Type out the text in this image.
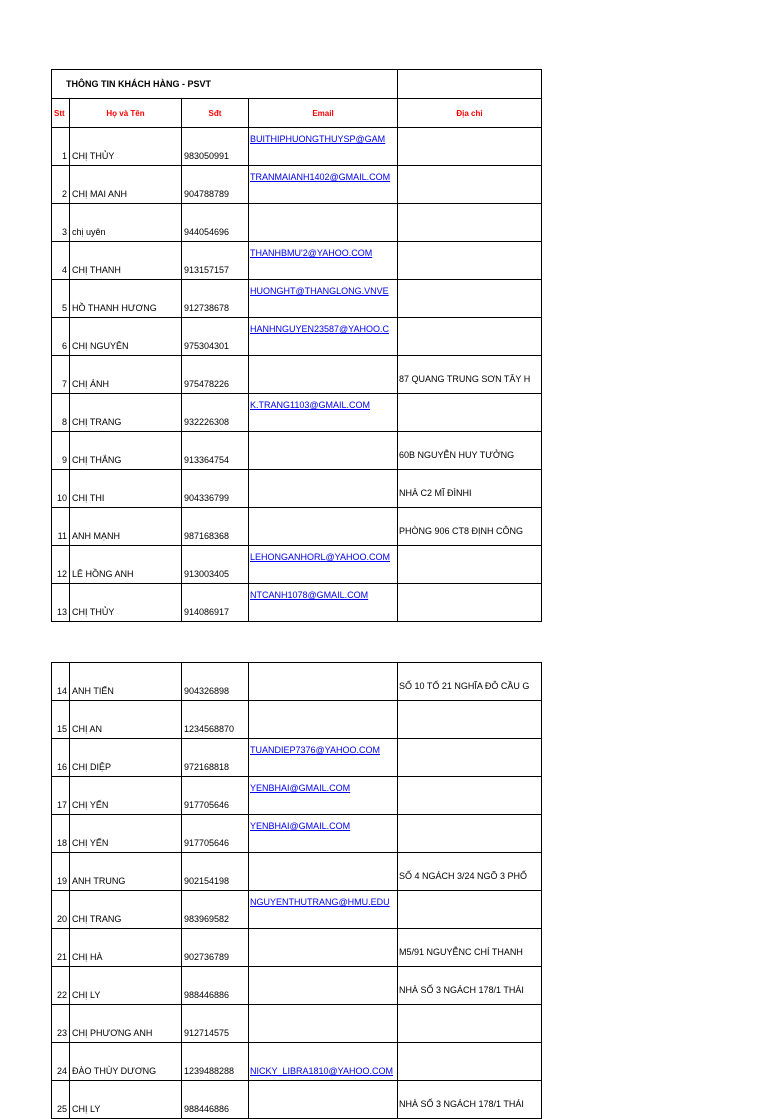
THÔNG TIN KHÁCH HÀNG - PSVT				
Stt	Họ và Tên	Sđt	Email	Địa chỉ
1	CHỊ THỦY	983050991	BUITHIPHUONGTHUYSP@GAM	
2	CHỊ MAI ANH	904788789	TRANMAIANH1402@GMAIL.COM	
3	chị uyên	944054696		
4	CHỊ THANH	913157157	THANHBMU'2@YAHOO.COM	
5	HỒ THANH HƯƠNG	912738678	HUONGHT@THANGLONG.VNVE	
6	CHỊ NGUYÊN	975304301	HANHNGUYEN23587@YAHOO.C	
7	CHỊ ÁNH	975478226		87 QUANG TRUNG SƠN TÂY H
8	CHỊ TRANG	932226308	K.TRANG1103@GMAIL.COM	
9	CHỊ THẮNG	913364754		60B NGUYỄN HUY TƯỞNG
10	CHỊ THI	904336799		NHÀ C2 MĨ ĐÌNHI
11	ANH MẠNH	987168368		PHÒNG 906 CT8 ĐỊNH CÔNG
12	LÊ HỒNG ANH	913003405	LEHONGANHORL@YAHOO.COM	
13	CHỊ THỦY	914086917	NTCANH1078@GMAIL.COM	
14	ANH TIẾN	904326898		SỐ 10 TỔ 21 NGHĨA ĐÔ CẦU G
15	CHỊ AN	1234568870		
16	CHỊ DIỆP	972168818	TUANDIEP7376@YAHOO.COM	
17	CHỊ YẾN	917705646	YENBHAI@GMAIL.COM	
18	CHỊ YẾN	917705646	YENBHAI@GMAIL.COM	
19	ANH TRUNG	902154198		SỐ 4 NGÁCH 3/24 NGÕ 3 PHỐ
20	CHỊ TRANG	983969582	NGUYENTHUTRANG@HMU.EDU	
21	CHỊ HÀ	902736789		M5/91 NGUYỄNC CHÍ THANH
22	CHỊ LY	988446886		NHÀ SỐ 3 NGÁCH 178/1 THÁI
23	CHỊ PHƯƠNG ANH	912714575		
24	ĐÀO THÙY DƯƠNG	1239488288	NICKY_LIBRA1810@YAHOO.COM	
25	CHỊ LY	988446886		NHÀ SỐ 3 NGÁCH 178/1 THÁI
